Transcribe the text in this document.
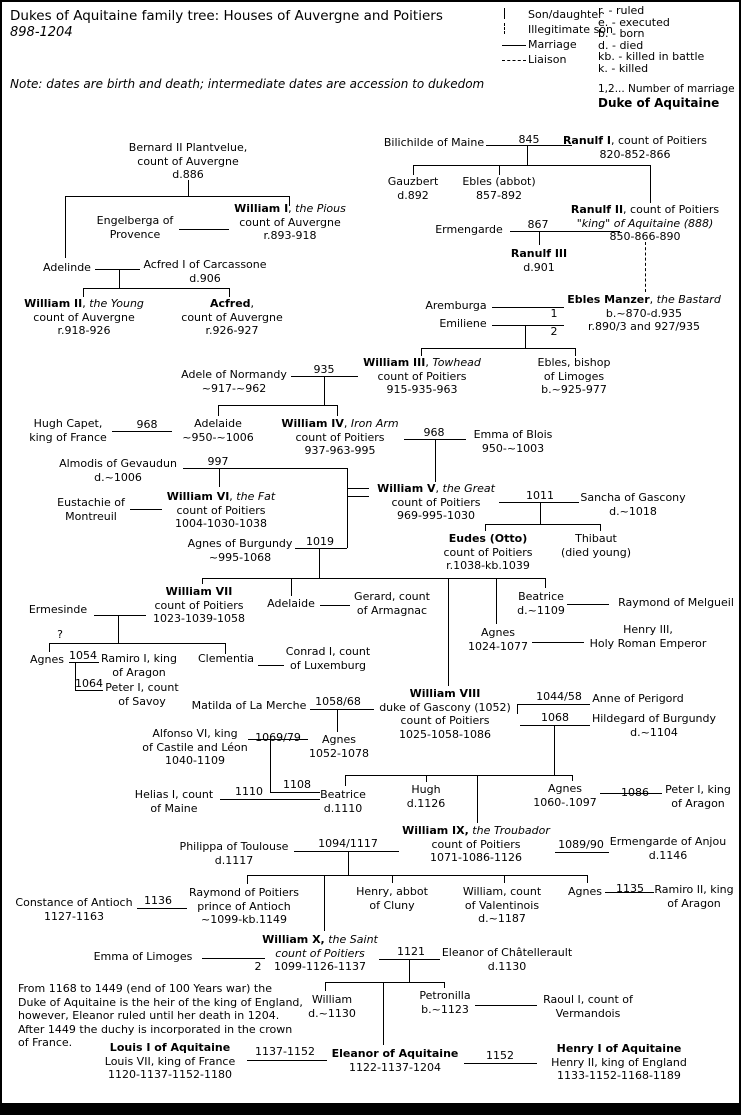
Dukes of Aquitaine family tree: Houses of Auvergne and Poitiers
898-1204
Note: dates are birth and death; intermediate dates are accession to dukedom
Son/daughter
Illegitimate son
Marriage
Liaison
r. - ruled
e. - executed
b. - born
d. - died
kb. - killed in battle
k. - killed
1,2... Number of marriage
Duke of Aquitaine
Bernard II Plantvelue,
count of Auvergne
d.886
Engelberga of
Provence
William I, the Pious
count of Auvergne
r.893-918
Adelinde	Acfred I of Carcassone
d.906
William II, the Young
count of Auvergne
r.918-926
Acfred,
count of Auvergne
r.926-927
Bilichilde of Maine	Ranulf I, count of Poitiers
820-852-866
Gauzbert
d.892
Ebles (abbot)
857-892
Ranulf II, count of Poitiers
"king" of Aquitaine (888)
850-866-890
Ermengarde
Ranulf III
d.901
Ebles Manzer, the Bastard
b.~870-d.935
r.890/3 and 927/935
Aremburga
Emiliene
William III, Towhead
count of Poitiers
915-935-963
Ebles, bishop
of Limoges
b.~925-977
Adele of Normandy
~917-~962
Hugh Capet,
king of France
Adelaide
~950-~1006
William IV, Iron Arm
count of Poitiers
937-963-995
Emma of Blois
950-~1003
Almodis of Gevaudun
d.~1006
Eustachie of
Montreuil
William VI, the Fat
count of Poitiers
1004-1030-1038
William V, the Great
count of Poitiers
969-995-1030
Sancha of Gascony
d.~1018
Agnes of Burgundy
~995-1068
Eudes (Otto)
count of Poitiers
r.1038-kb.1039
Thibaut
(died young)
Beatrice
d.~1109
Raymond of Melgueil
Agnes
1024-1077
Henry III,
Holy Roman Emperor
Ermesinde
William VII
count of Poitiers
1023-1039-1058
Adelaide
Gerard, count
of Armagnac
Agnes	Ramiro I, king
of Aragon
Peter I, count
of Savoy
Clementia
Conrad I, count
of Luxemburg
Matilda of La Merche
William VIII
duke of Gascony (1052)
count of Poitiers
1025-1058-1086
Anne of Perigord
Hildegard of Burgundy
d.~1104
Alfonso VI, king
of Castile and Léon
1040-1109
Agnes
1052-1078
Helias I, count
of Maine
Beatrice
d.1110
Hugh
d.1126
Agnes
1060-.1097
Peter I, king
of Aragon
William IX, the Troubador
count of Poitiers
1071-1086-1126
Ermengarde of Anjou
d.1146
Philippa of Toulouse
d.1117
Constance of Antioch
1127-1163
Raymond of Poitiers
prince of Antioch
~1099-kb.1149
Henry, abbot
of Cluny
William, count
of Valentinois
d.~1187
Agnes	Ramiro II, king
of Aragon
William X, the Saint
count of Poitiers
1099-1126-1137
Emma of Limoges	Eleanor of Châtellerault
d.1130
William
d.~1130
Petronilla
b.~1123
Raoul I, count of
Vermandois
Louis I of Aquitaine
Louis VII, king of France
1120-1137-1152-1180
Eleanor of Aquitaine
1122-1137-1204
Henry I of Aquitaine
Henry II, king of England
1133-1152-1168-1189
845
867
1
2
935
968
968
997
1011
1019
?
1054
1064
1058/68	1044/58
1068
1069/79
1110
1108
1086
1089/90
1094/1117
1135
1136
1121
2
1137-1152	1152
From 1168 to 1449 (end of 100 Years war) the Duke of Aquitaine is the heir of the king of England, however, Eleanor ruled until her death in 1204. After 1449 the duchy is incorporated in the crown of France.
